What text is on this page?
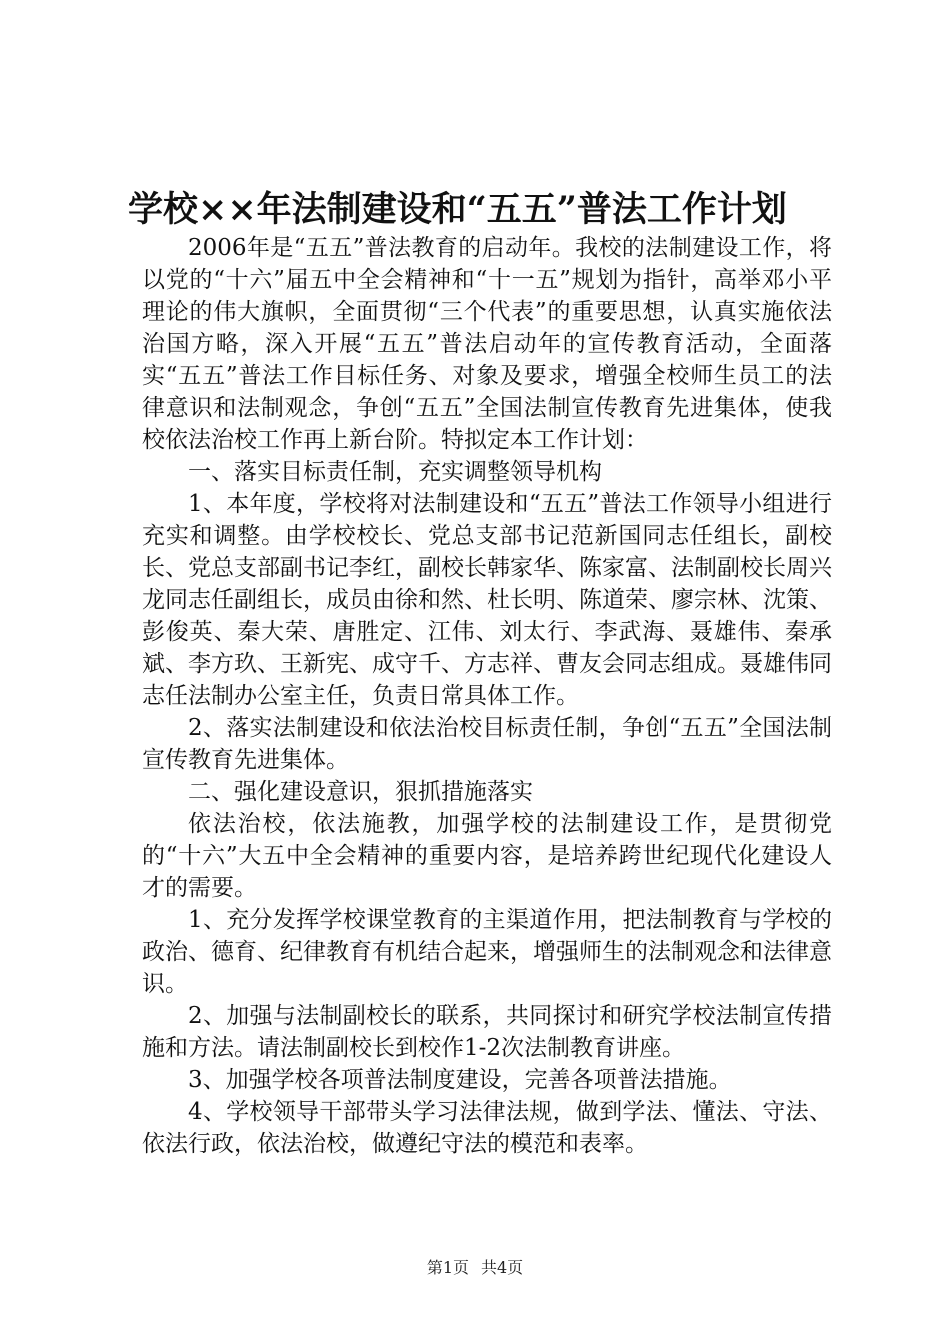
学校××年法制建设和“五五”普法工作计划

2006年是“五五”普法教育的启动年。我校的法制建设工作，将以党的“十六”届五中全会精神和“十一五”规划为指针，高举邓小平理论的伟大旗帜，全面贯彻“三个代表”的重要思想，认真实施依法治国方略，深入开展“五五”普法启动年的宣传教育活动，全面落实“五五”普法工作目标任务、对象及要求，增强全校师生员工的法律意识和法制观念，争创“五五”全国法制宣传教育先进集体，使我校依法治校工作再上新台阶。特拟定本工作计划：

一、落实目标责任制，充实调整领导机构

1、本年度，学校将对法制建设和“五五”普法工作领导小组进行充实和调整。由学校校长、党总支部书记范新国同志任组长，副校长、党总支部副书记李红，副校长韩家华、陈家富、法制副校长周兴龙同志任副组长，成员由徐和然、杜长明、陈道荣、廖宗林、沈策、彭俊英、秦大荣、唐胜定、江伟、刘太行、李武海、聂雄伟、秦承斌、李方玖、王新宪、成守千、方志祥、曹友会同志组成。聂雄伟同志任法制办公室主任，负责日常具体工作。

2、落实法制建设和依法治校目标责任制，争创“五五”全国法制宣传教育先进集体。

二、强化建设意识，狠抓措施落实

依法治校，依法施教，加强学校的法制建设工作，是贯彻党的“十六”大五中全会精神的重要内容，是培养跨世纪现代化建设人才的需要。

1、充分发挥学校课堂教育的主渠道作用，把法制教育与学校的政治、德育、纪律教育有机结合起来，增强师生的法制观念和法律意识。

2、加强与法制副校长的联系，共同探讨和研究学校法制宣传措施和方法。请法制副校长到校作1-2次法制教育讲座。

3、加强学校各项普法制度建设，完善各项普法措施。

4、学校领导干部带头学习法律法规，做到学法、懂法、守法、依法行政，依法治校，做遵纪守法的模范和表率。

第1页 共4页
